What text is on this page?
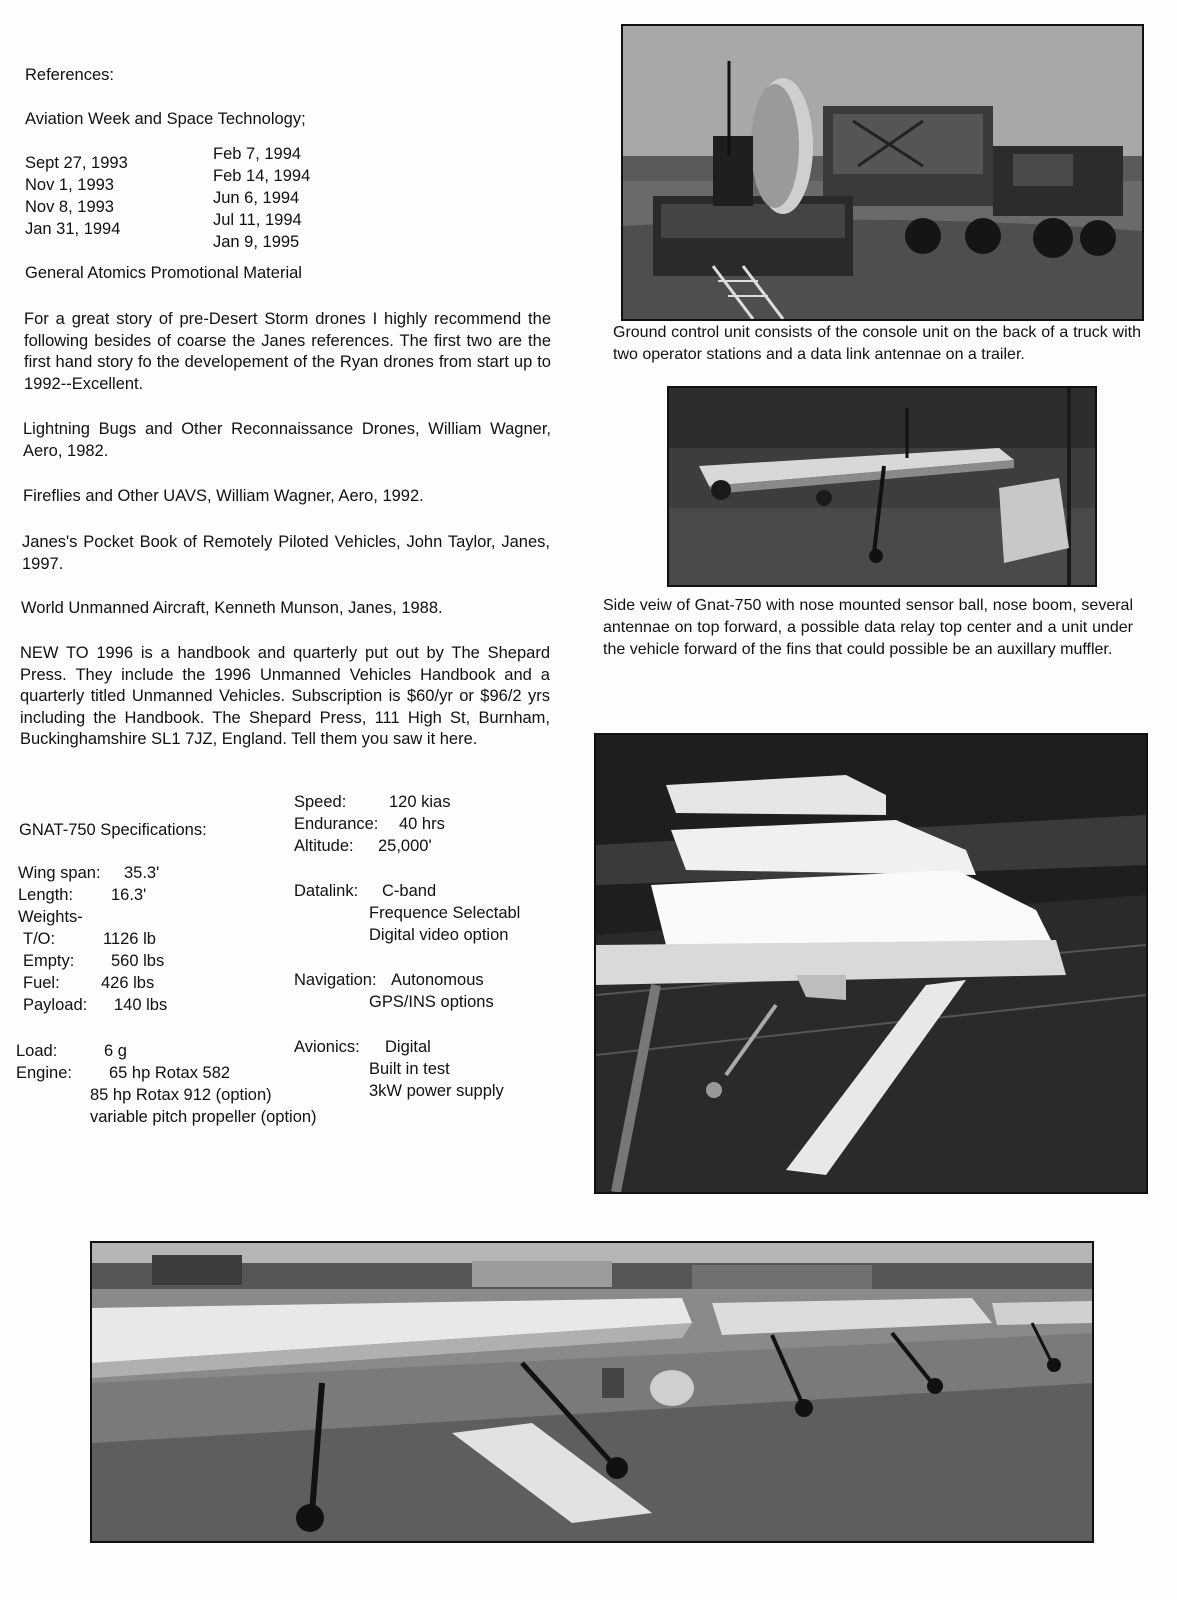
References:
Aviation Week and Space Technology;
Sept 27, 1993
Nov 1, 1993
Nov 8, 1993
Jan 31, 1994
Feb 7, 1994
Feb 14, 1994
Jun 6, 1994
Jul 11, 1994
Jan 9, 1995
General Atomics Promotional Material
For a great story of pre-Desert Storm drones I highly recommend the following besides of coarse the Janes references. The first two are the first hand story fo the developement of the Ryan drones from start up to 1992--Excellent.
Lightning Bugs and Other Reconnaissance Drones, William Wagner, Aero, 1982.
Fireflies and Other UAVS, William Wagner, Aero, 1992.
Janes's Pocket Book of Remotely Piloted Vehicles, John Taylor, Janes, 1997.
World Unmanned Aircraft, Kenneth Munson, Janes, 1988.
NEW TO 1996 is a handbook and quarterly put out by The Shepard Press. They include the 1996 Unmanned Vehicles Handbook and a quarterly titled Unmanned Vehicles. Subscription is $60/yr or $96/2 yrs including the Handbook. The Shepard Press, 111 High St, Burnham, Buckinghamshire SL1 7JZ, England. Tell them you saw it here.
GNAT-750 Specifications:
Wing span:	35.3'
Length:	16.3'
Weights-
T/O:	1126 lb
Empty:	560 lbs
Fuel:	426 lbs
Payload:	140 lbs
Load:	6 g
Engine:	65 hp Rotax 582
85 hp Rotax 912 (option)
variable pitch propeller (option)
Speed:	120 kias
Endurance:	40 hrs
Altitude:	25,000'
Datalink:	C-band
Frequence Selectabl
Digital video option
Navigation: Autonomous
GPS/INS options
Avionics:	Digital
Built in test
3kW power supply
Ground control unit consists of the console unit on the back of a truck with two operator stations and a data link antennae on a trailer.
Side veiw of Gnat-750 with nose mounted sensor ball, nose boom, several antennae on top forward, a possible data relay top center and a unit under the vehicle forward of the fins that could possible be an auxillary muffler.
